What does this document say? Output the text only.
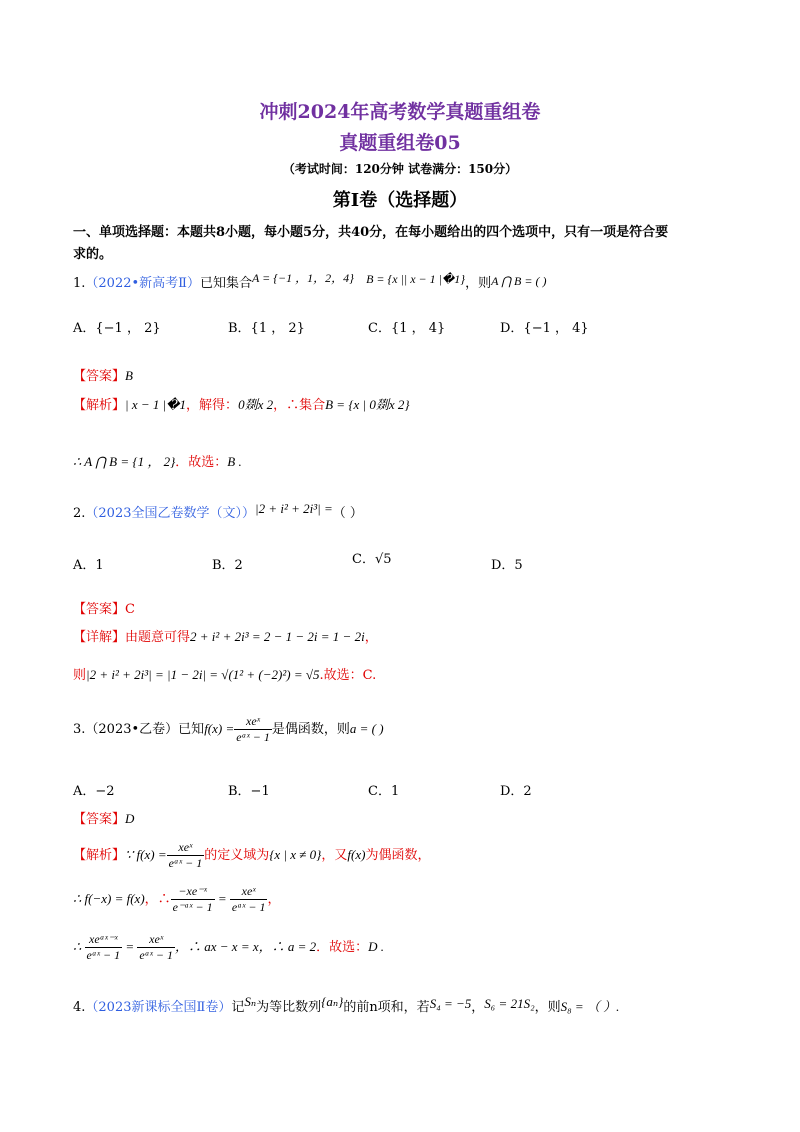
冲刺2024年高考数学真题重组卷
真题重组卷05
（考试时间：120分钟 试卷满分：150分）
第I卷（选择题）
一、单项选择题：本题共8小题，每小题5分，共40分，在每小题给出的四个选项中，只有一项是符合要
求的。
1.（2022•新高考Ⅱ）已知集合A = {−1 ，1，2，4} B = {x || x − 1 |�1}，则A ⋂ B = ( )
A．{−1 ， 2}	B．{1 ， 2}	C．{1 ， 4}	D．{−1 ， 4}
【答案】B
【解析】| x − 1 |�1，解得：0剟x 2，∴集合B = {x | 0剟x 2}
∴ A ⋂ B = {1 ， 2}．故选：B .
2.（2023全国乙卷数学（文））|2 + i² + 2i³| =（ ）
A．1	B．2	C．√5	D．5
【答案】C
【详解】由题意可得2 + i² + 2i³ = 2 − 1 − 2i = 1 − 2i，
则|2 + i² + 2i³| = |1 − 2i| = √(1² + (−2)²) = √5.故选：C.
3.（2023•乙卷）已知$f(x) = \frac{\text{xeˣ}}{\text{eᵃˣ − 1}}$ 是偶函数，则a = ( )
A．−2	B．−1	C．1	D．2
【答案】D
【解析】∵ $f(x) = \frac{\text{xeˣ}}{\text{eᵃˣ − 1}}$ 的定义域为{x | x ≠ 0}，又f(x)为偶函数，
∴ f(−x) = f(x)，∴ $\frac{\text{−xe⁻ˣ}}{\text{e⁻ᵃˣ − 1}} = \frac{\text{xeˣ}}{\text{eᵃˣ − 1}}$ ，
∴ $\frac{\text{xeᵃˣ⁻ˣ}}{\text{eᵃˣ − 1}} = \frac{\text{xeˣ}}{\text{eᵃˣ − 1}}$ ，∴ ax − x = x，∴ a = 2．故选：D .
4.（2023新课标全国Ⅱ卷）记Sₙ为等比数列{aₙ}的前n项和，若S₄ = −5，S₆ = 21S₂，则S₈ = （ ）.
